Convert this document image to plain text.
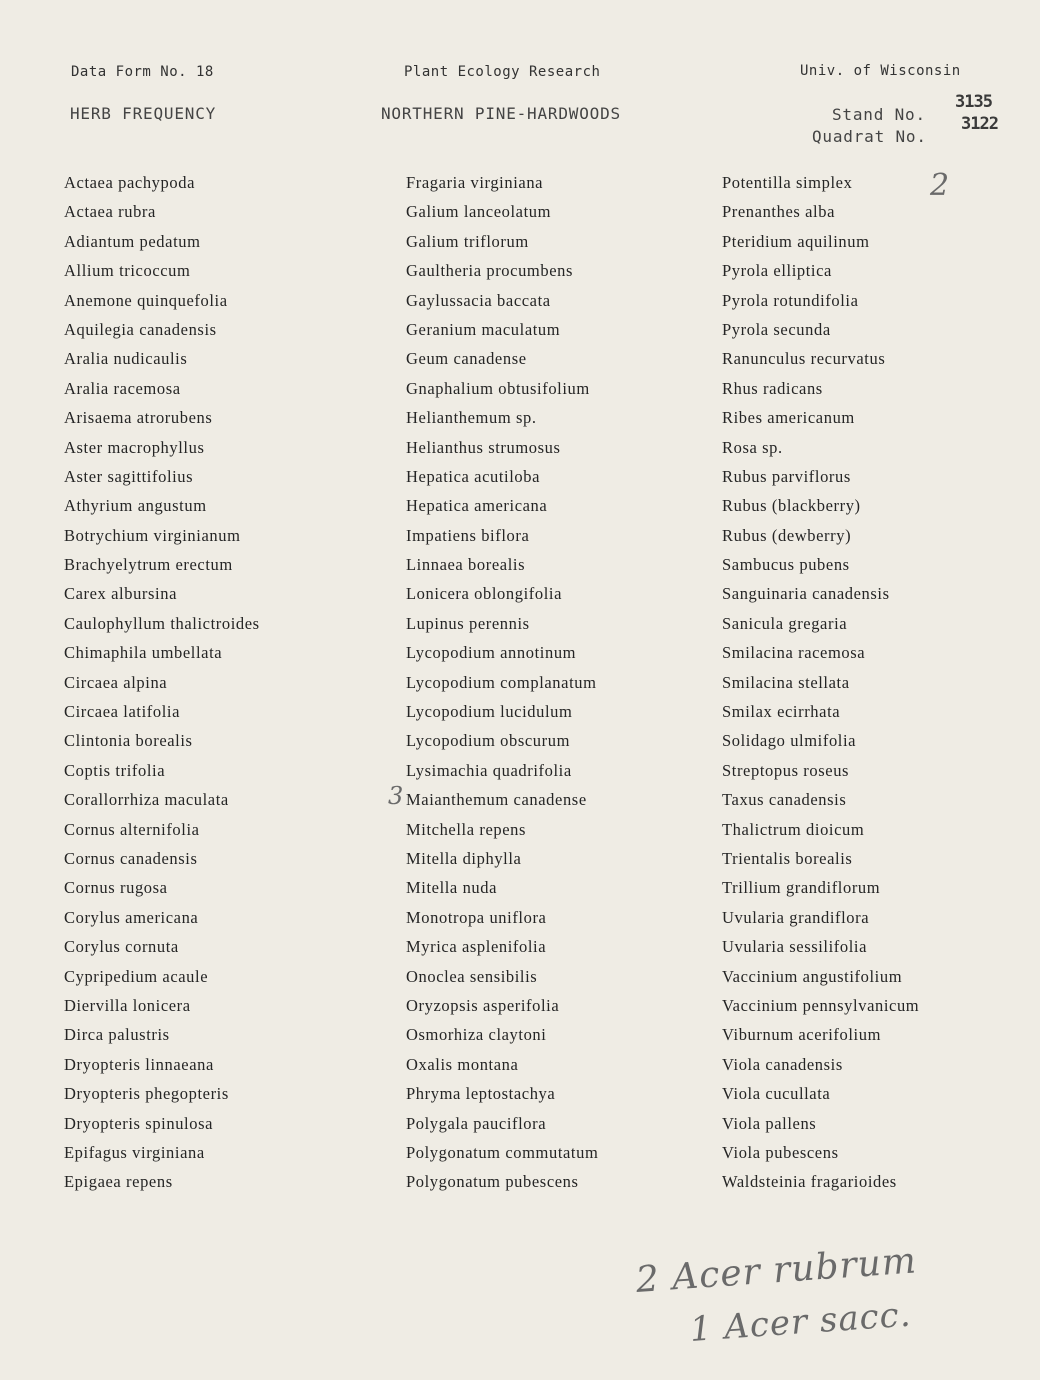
Data Form No. 18	Plant Ecology Research	Univ. of Wisconsin
HERB FREQUENCY	NORTHERN PINE-HARDWOODS	Stand No.
Quadrat No.
3135
3122
Actaea pachypoda
Actaea rubra
Adiantum pedatum
Allium tricoccum
Anemone quinquefolia
Aquilegia canadensis
Aralia nudicaulis
Aralia racemosa
Arisaema atrorubens
Aster macrophyllus
Aster sagittifolius
Athyrium angustum
Botrychium virginianum
Brachyelytrum erectum
Carex albursina
Caulophyllum thalictroides
Chimaphila umbellata
Circaea alpina
Circaea latifolia
Clintonia borealis
Coptis trifolia
Corallorrhiza maculata
Cornus alternifolia
Cornus canadensis
Cornus rugosa
Corylus americana
Corylus cornuta
Cypripedium acaule
Diervilla lonicera
Dirca palustris
Dryopteris linnaeana
Dryopteris phegopteris
Dryopteris spinulosa
Epifagus virginiana
Epigaea repens
Fragaria virginiana
Galium lanceolatum
Galium triflorum
Gaultheria procumbens
Gaylussacia baccata
Geranium maculatum
Geum canadense
Gnaphalium obtusifolium
Helianthemum sp.
Helianthus strumosus
Hepatica acutiloba
Hepatica americana
Impatiens biflora
Linnaea borealis
Lonicera oblongifolia
Lupinus perennis
Lycopodium annotinum
Lycopodium complanatum
Lycopodium lucidulum
Lycopodium obscurum
Lysimachia quadrifolia
Maianthemum canadense
Mitchella repens
Mitella diphylla
Mitella nuda
Monotropa uniflora
Myrica asplenifolia
Onoclea sensibilis
Oryzopsis asperifolia
Osmorhiza claytoni
Oxalis montana
Phryma leptostachya
Polygala pauciflora
Polygonatum commutatum
Polygonatum pubescens
Potentilla simplex
Prenanthes alba
Pteridium aquilinum
Pyrola elliptica
Pyrola rotundifolia
Pyrola secunda
Ranunculus recurvatus
Rhus radicans
Ribes americanum
Rosa sp.
Rubus parviflorus
Rubus (blackberry)
Rubus (dewberry)
Sambucus pubens
Sanguinaria canadensis
Sanicula gregaria
Smilacina racemosa
Smilacina stellata
Smilax ecirrhata
Solidago ulmifolia
Streptopus roseus
Taxus canadensis
Thalictrum dioicum
Trientalis borealis
Trillium grandiflorum
Uvularia grandiflora
Uvularia sessilifolia
Vaccinium angustifolium
Vaccinium pennsylvanicum
Viburnum acerifolium
Viola canadensis
Viola cucullata
Viola pallens
Viola pubescens
Waldsteinia fragarioides
2
3
2 Acer rubrum
1 Acer sacc.
